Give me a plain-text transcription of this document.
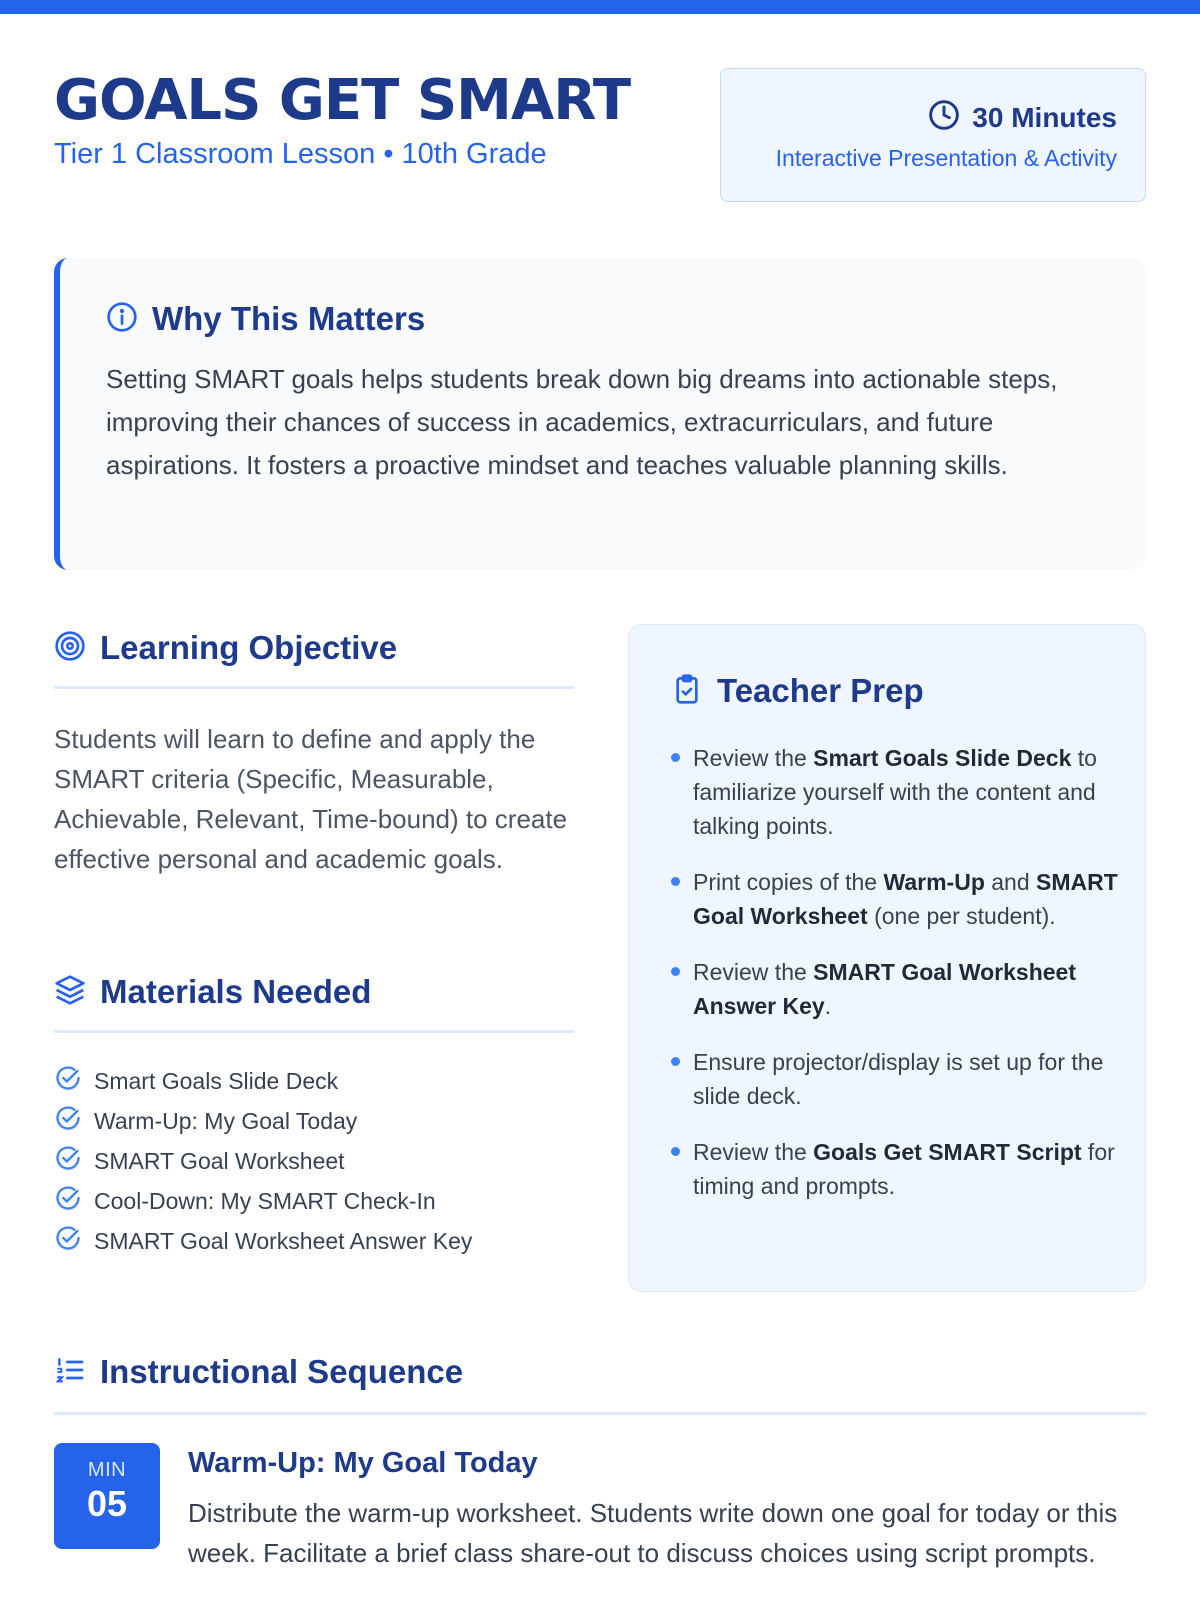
GOALS GET SMART
Tier 1 Classroom Lesson • 10th Grade
30 Minutes
Interactive Presentation & Activity
Why This Matters

Setting SMART goals helps students break down big dreams into actionable steps, improving their chances of success in academics, extracurriculars, and future aspirations. It fosters a proactive mindset and teaches valuable planning skills.

Learning Objective

Students will learn to define and apply the SMART criteria (Specific, Measurable, Achievable, Relevant, Time-bound) to create effective personal and academic goals.

Materials Needed
Smart Goals Slide Deck
Warm-Up: My Goal Today
SMART Goal Worksheet
Cool-Down: My SMART Check-In
SMART Goal Worksheet Answer Key
Teacher Prep
Review the Smart Goals Slide Deck to familiarize yourself with the content and talking points.
Print copies of the Warm-Up and SMART Goal Worksheet (one per student).
Review the SMART Goal Worksheet Answer Key.
Ensure projector/display is set up for the slide deck.
Review the Goals Get SMART Script for timing and prompts.
Instructional Sequence
MIN
05
Warm-Up: My Goal Today

Distribute the warm-up worksheet. Students write down one goal for today or this week. Facilitate a brief class share-out to discuss choices using script prompts.
